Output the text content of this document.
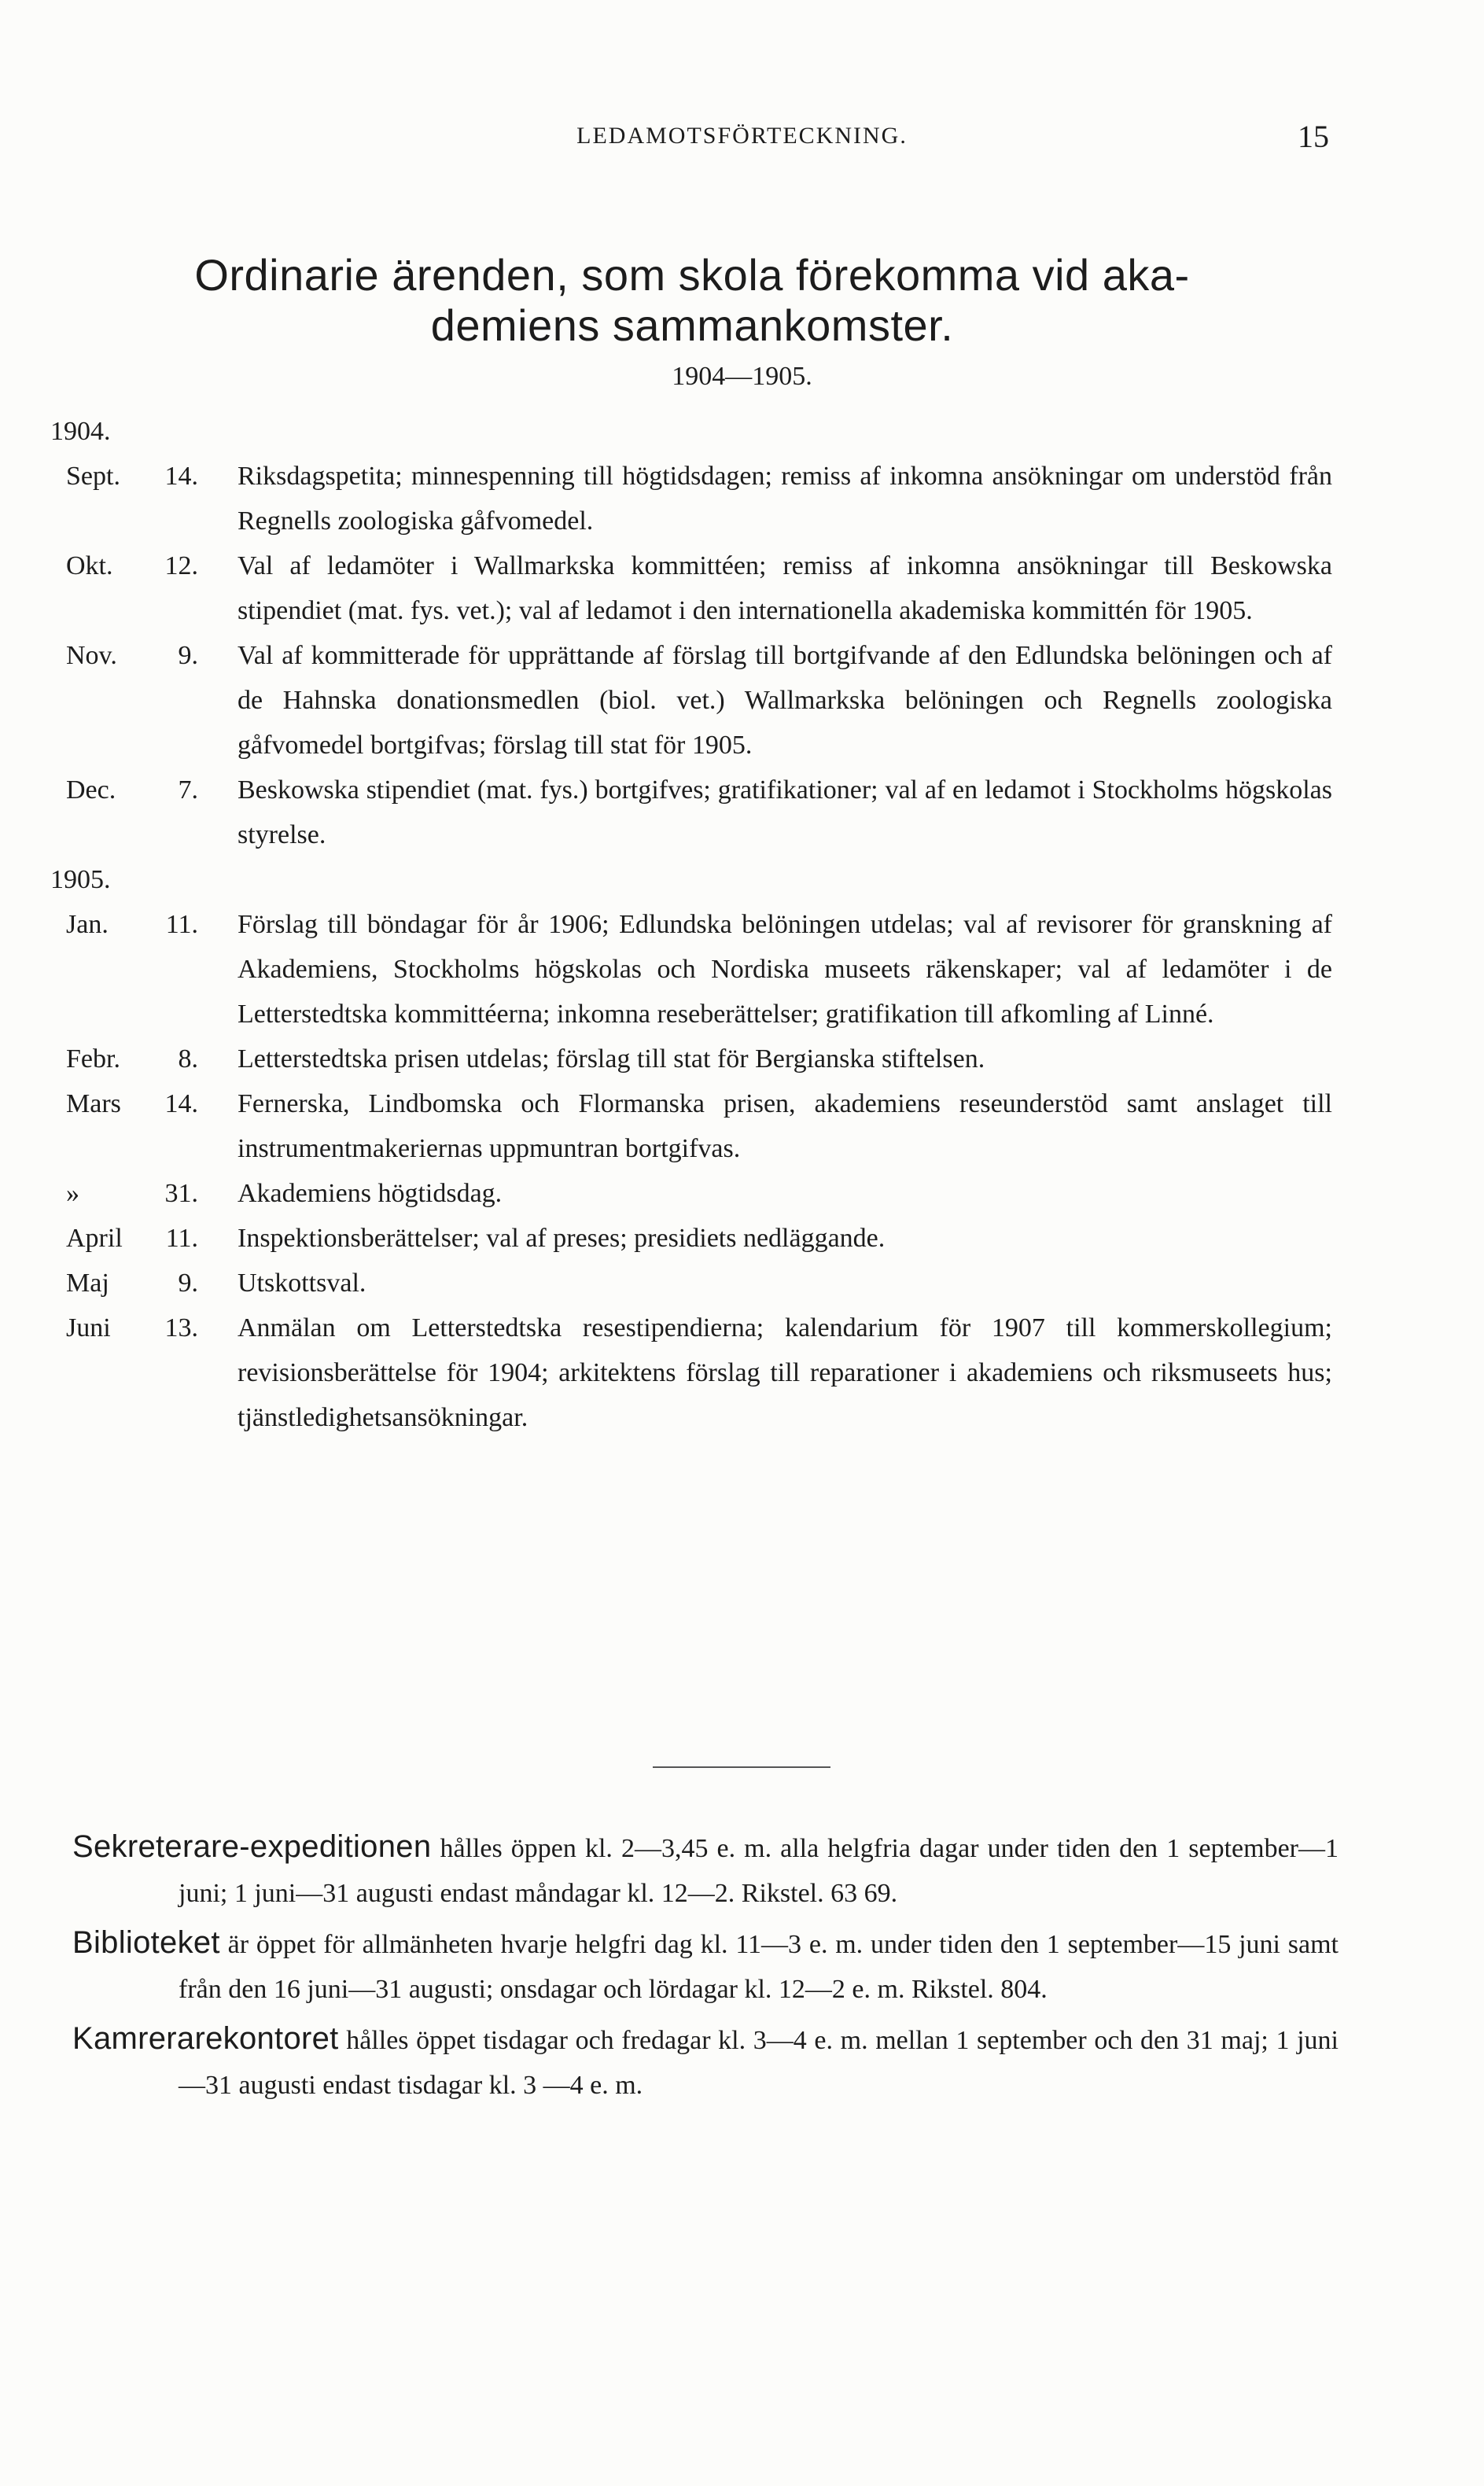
LEDAMOTSFÖRTECKNING.	15
Ordinarie ärenden, som skola förekomma vid aka-
demiens sammankomster.
1904—1905.
1904.
Sept. 14. Riksdagspetita; minnespenning till högtidsdagen; remiss af inkomna ansökningar om understöd från Regnells zoologiska gåfvomedel.
Okt. 12. Val af ledamöter i Wallmarkska kommittéen; remiss af inkomna ansökningar till Beskowska stipendiet (mat. fys. vet.); val af ledamot i den internationella akademiska kommittén för 1905.
Nov. 9. Val af kommitterade för upprättande af förslag till bortgifvande af den Edlundska belöningen och af de Hahnska donationsmedlen (biol. vet.) Wallmarkska belöningen och Regnells zoologiska gåfvomedel bortgifvas; förslag till stat för 1905.
Dec. 7. Beskowska stipendiet (mat. fys.) bortgifves; gratifikationer; val af en ledamot i Stockholms högskolas styrelse.
1905.
Jan. 11. Förslag till böndagar för år 1906; Edlundska belöningen utdelas; val af revisorer för granskning af Akademiens, Stockholms högskolas och Nordiska museets räkenskaper; val af ledamöter i de Letterstedtska kommittéerna; inkomna reseberättelser; gratifikation till afkomling af Linné.
Febr. 8. Letterstedtska prisen utdelas; förslag till stat för Bergianska stiftelsen.
Mars 14. Fernerska, Lindbomska och Flormanska prisen, akademiens reseunderstöd samt anslaget till instrumentmakeriernas uppmuntran bortgifvas.
»	31. Akademiens högtidsdag.
April 11. Inspektionsberättelser; val af preses; presidiets nedläggande.
Maj	9. Utskottsval.
Juni 13. Anmälan om Letterstedtska resestipendierna; kalendarium för 1907 till kommerskollegium; revisionsberättelse för 1904; arkitektens förslag till reparationer i akademiens och riksmuseets hus; tjänstledighetsansökningar.

Sekreterare-expeditionen hålles öppen kl. 2—3,45 e. m. alla helgfria dagar under tiden den 1 september—1 juni; 1 juni—31 augusti endast måndagar kl. 12—2. Rikstel. 63 69.

Biblioteket är öppet för allmänheten hvarje helgfri dag kl. 11—3 e. m. under tiden den 1 september—15 juni samt från den 16 juni—31 augusti; onsdagar och lördagar kl. 12—2 e. m. Rikstel. 804.

Kamrerarekontoret hålles öppet tisdagar och fredagar kl. 3—4 e. m. mellan 1 september och den 31 maj; 1 juni—31 augusti endast tisdagar kl. 3 —4 e. m.
